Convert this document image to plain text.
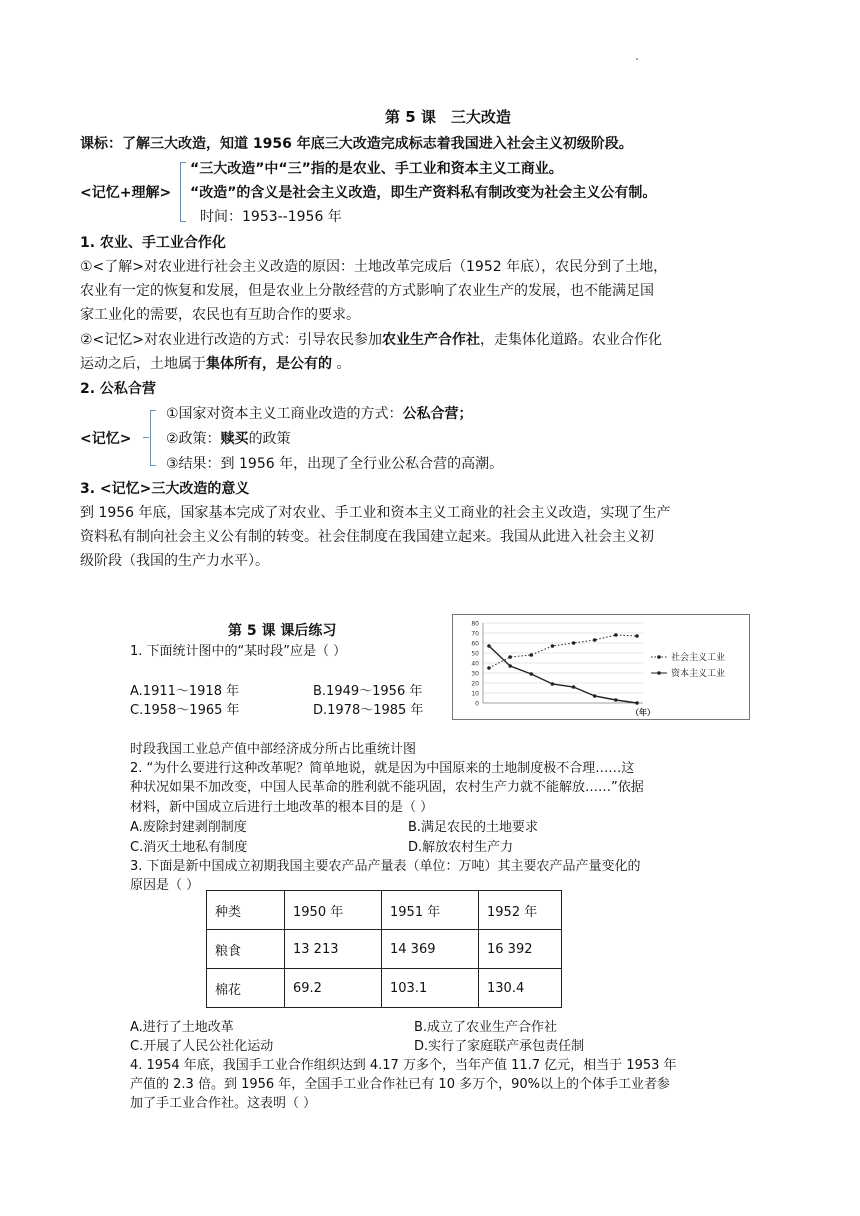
第 5 课　三大改造
课标：了解三大改造，知道 1956 年底三大改造完成标志着我国进入社会主义初级阶段。
<记忆+理解>
“三大改造”中“三”指的是农业、手工业和资本主义工商业。
“改造”的含义是社会主义改造，即生产资料私有制改变为社会主义公有制。
时间：1953--1956 年
1. 农业、手工业合作化
①<了解>对农业进行社会主义改造的原因：土地改革完成后（1952 年底），农民分到了土地，
农业有一定的恢复和发展，但是农业上分散经营的方式影响了农业生产的发展，也不能满足国
家工业化的需要，农民也有互助合作的要求。
②<记忆>对农业进行改造的方式：引导农民参加农业生产合作社，走集体化道路。农业合作化
运动之后，土地属于集体所有，是公有的 。
2. 公私合营
<记忆>
①国家对资本主义工商业改造的方式：公私合营；
②政策：赎买的政策
③结果：到 1956 年，出现了全行业公私合营的高潮。
3. <记忆>三大改造的意义
到 1956 年底，国家基本完成了对农业、手工业和资本主义工商业的社会主义改造，实现了生产
资料私有制向社会主义公有制的转变。社会住制度在我国建立起来。我国从此进入社会主义初
级阶段（我国的生产力水平）。
第 5 课 课后练习
1. 下面统计图中的“某时段”应是（ ）
A.1911～1918 年	B.1949～1956 年
C.1958～1965 年	D.1978～1985 年	0
10
20
30
40
50
60
70
80
社会主义工业
资本主义工业
（年）
时段我国工业总产值中部经济成分所占比重统计图
2. “为什么要进行这种改革呢？简单地说，就是因为中国原来的土地制度极不合理……这
种状况如果不加改变，中国人民革命的胜利就不能巩固，农村生产力就不能解放……”依据
材料，新中国成立后进行土地改革的根本目的是（ ）
A.废除封建剥削制度	B.满足农民的土地要求
C.消灭土地私有制度	D.解放农村生产力
3. 下面是新中国成立初期我国主要农产品产量表（单位：万吨）其主要农产品产量变化的
原因是（ ）
种类	1950 年	1951 年	1952 年
粮食	13 213	14 369	16 392
棉花	69.2	103.1	130.4
A.进行了土地改革	B.成立了农业生产合作社
C.开展了人民公社化运动	D.实行了家庭联产承包责任制
4. 1954 年底，我国手工业合作组织达到 4.17 万多个，当年产值 11.7 亿元，相当于 1953 年
产值的 2.3 倍。到 1956 年，全国手工业合作社已有 10 多万个，90%以上的个体手工业者参
加了手工业合作社。这表明（ ）
